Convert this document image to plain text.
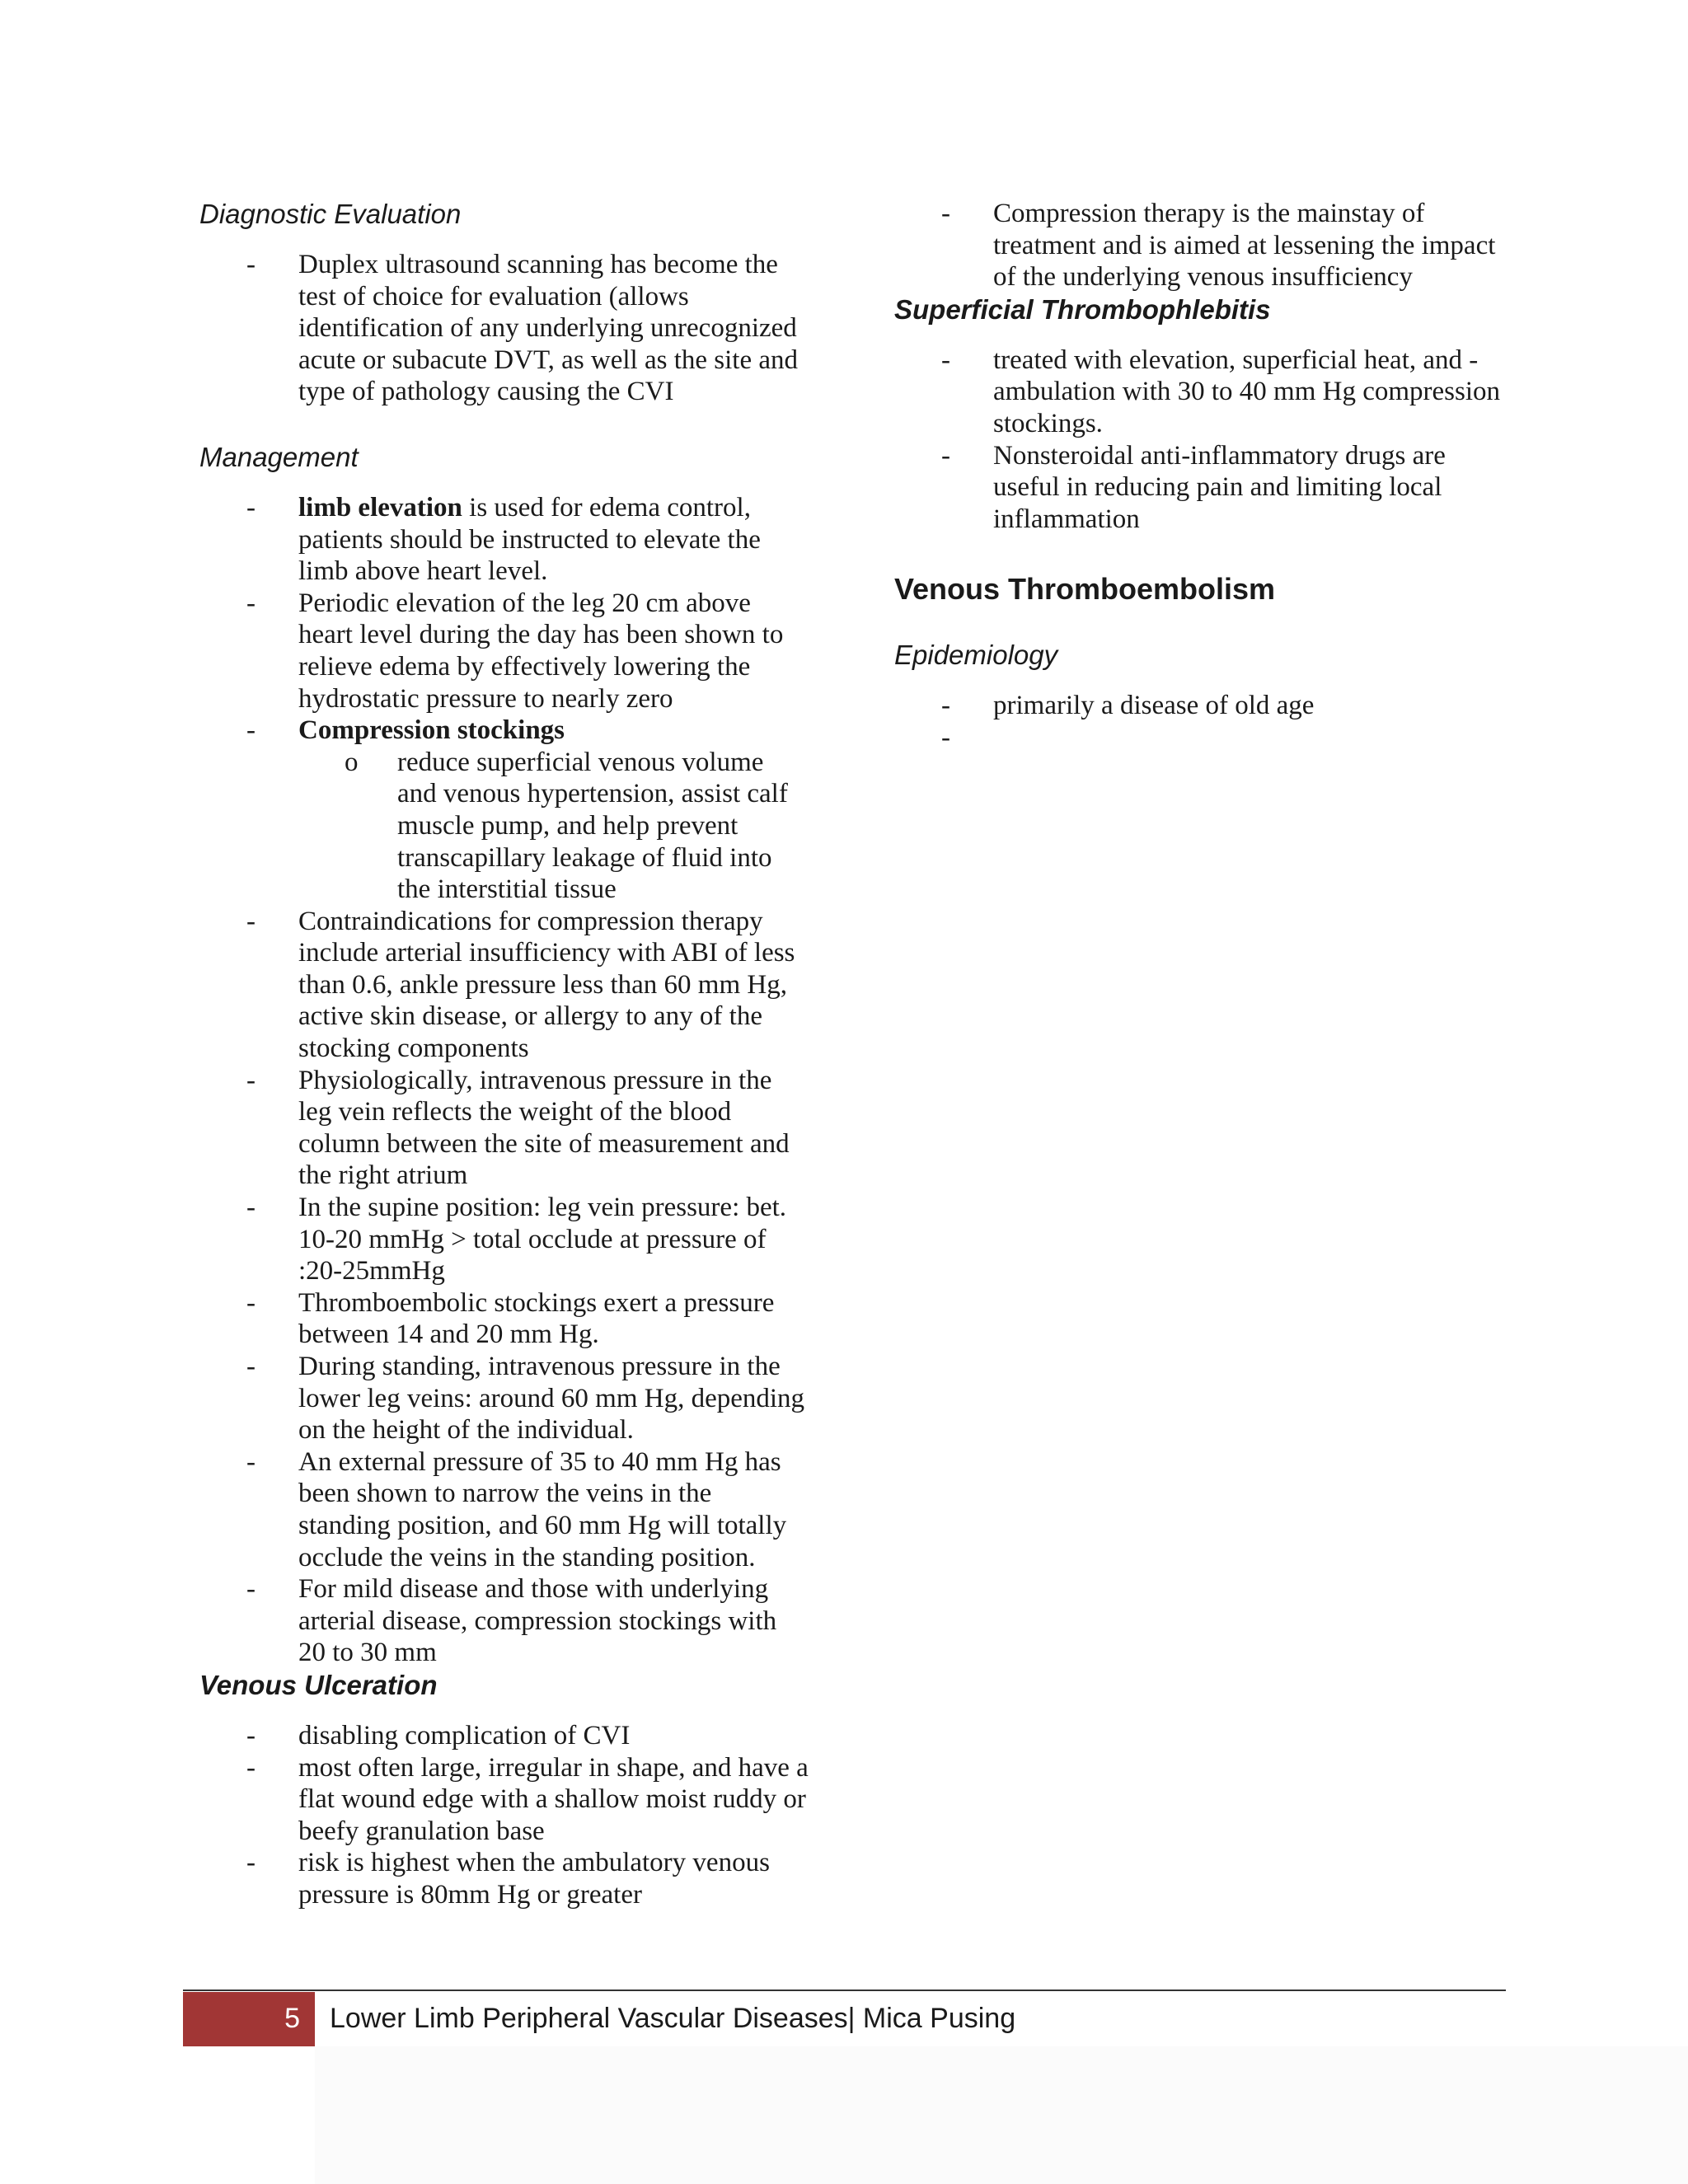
Diagnostic Evaluation

- Duplex ultrasound scanning has become the test of choice for evaluation (allows identification of any underlying unrecognized acute or subacute DVT, as well as the site and type of pathology causing the CVI

Management

- limb elevation is used for edema control, patients should be instructed to elevate the limb above heart level.
- Periodic elevation of the leg 20 cm above heart level during the day has been shown to relieve edema by effectively lowering the hydrostatic pressure to nearly zero
- Compression stockings
o reduce superficial venous volume and venous hypertension, assist calf muscle pump, and help prevent transcapillary leakage of fluid into the interstitial tissue
- Contraindications for compression therapy include arterial insufficiency with ABI of less than 0.6, ankle pressure less than 60 mm Hg, active skin disease, or allergy to any of the stocking components
- Physiologically, intravenous pressure in the leg vein reflects the weight of the blood column between the site of measurement and the right atrium
- In the supine position: leg vein pressure: bet. 10-20 mmHg > total occlude at pressure of :20-25mmHg
- Thromboembolic stockings exert a pressure between 14 and 20 mm Hg.
- During standing, intravenous pressure in the lower leg veins: around 60 mm Hg, depending on the height of the individual.
- An external pressure of 35 to 40 mm Hg has been shown to narrow the veins in the standing position, and 60 mm Hg will totally occlude the veins in the standing position.
- For mild disease and those with underlying arterial disease, compression stockings with 20 to 30 mm

Venous Ulceration

- disabling complication of CVI
- most often large, irregular in shape, and have a flat wound edge with a shallow moist ruddy or beefy granulation base
- risk is highest when the ambulatory venous pressure is 80mm Hg or greater
- Compression therapy is the mainstay of treatment and is aimed at lessening the impact of the underlying venous insufficiency

Superficial Thrombophlebitis

- treated with elevation, superficial heat, and - ambulation with 30 to 40 mm Hg compression stockings.
- Nonsteroidal anti-inflammatory drugs are useful in reducing pain and limiting local inflammation

Venous Thromboembolism

Epidemiology

- primarily a disease of old age
-

5 Lower Limb Peripheral Vascular Diseases| Mica Pusing
